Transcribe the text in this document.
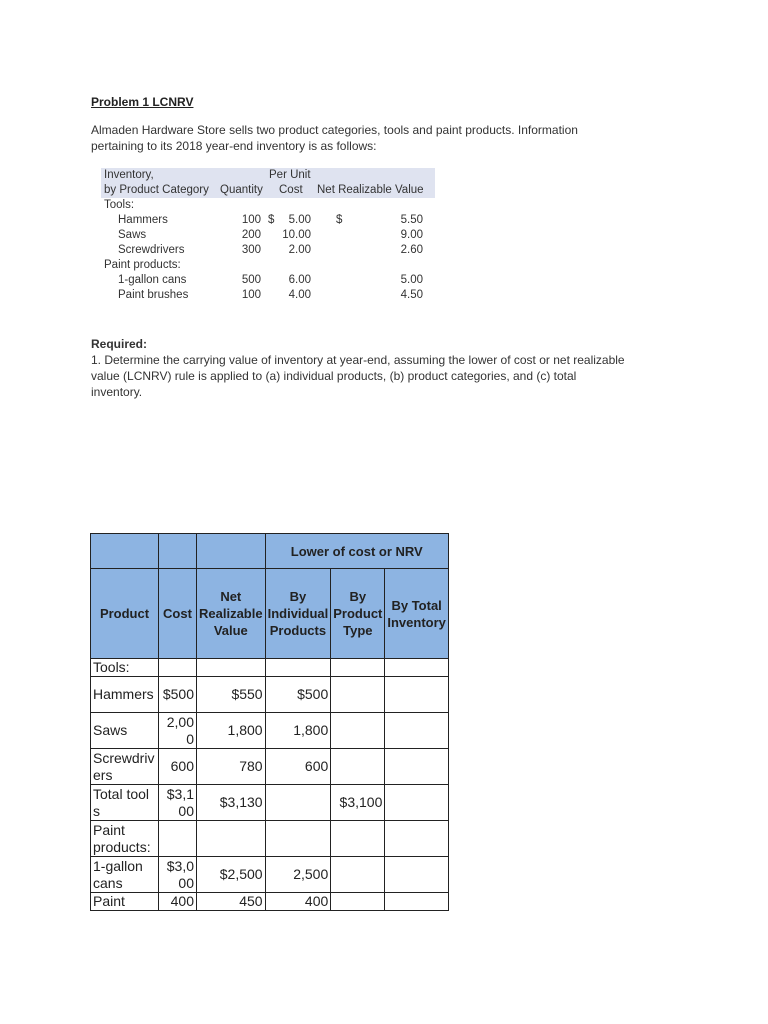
Problem 1 LCNRV

Almaden Hardware Store sells two product categories, tools and paint products. Information
pertaining to its 2018 year-end inventory is as follows:
Inventory,	Per Unit
by Product Category Quantity Cost Net Realizable Value
Tools:
Hammers	100 $	5.00 $	5.50
Saws	200	10.00	9.00
Screwdrivers	300	2.00	2.60
Paint products:
1-gallon cans	500	6.00	5.00
Paint brushes	100	4.00	4.50
Required:
1. Determine the carrying value of inventory at year-end, assuming the lower of cost or net realizable
value (LCNRV) rule is applied to (a) individual products, (b) product categories, and (c) total
inventory.
			Lower of cost or NRV		
Product	Cost	Net Realizable Value	By Individual Products	By Product Type	By Total Inventory
Tools:					
Hammers	$500	$550	$500		
Saws	2,000	1,800	1,800		
Screwdrivers	600	780	600		
Total tools	$3,100	$3,130		$3,100	
Paint products:					
1-gallon cans	$3,000	$2,500	2,500		
Paint	400	450	400		
